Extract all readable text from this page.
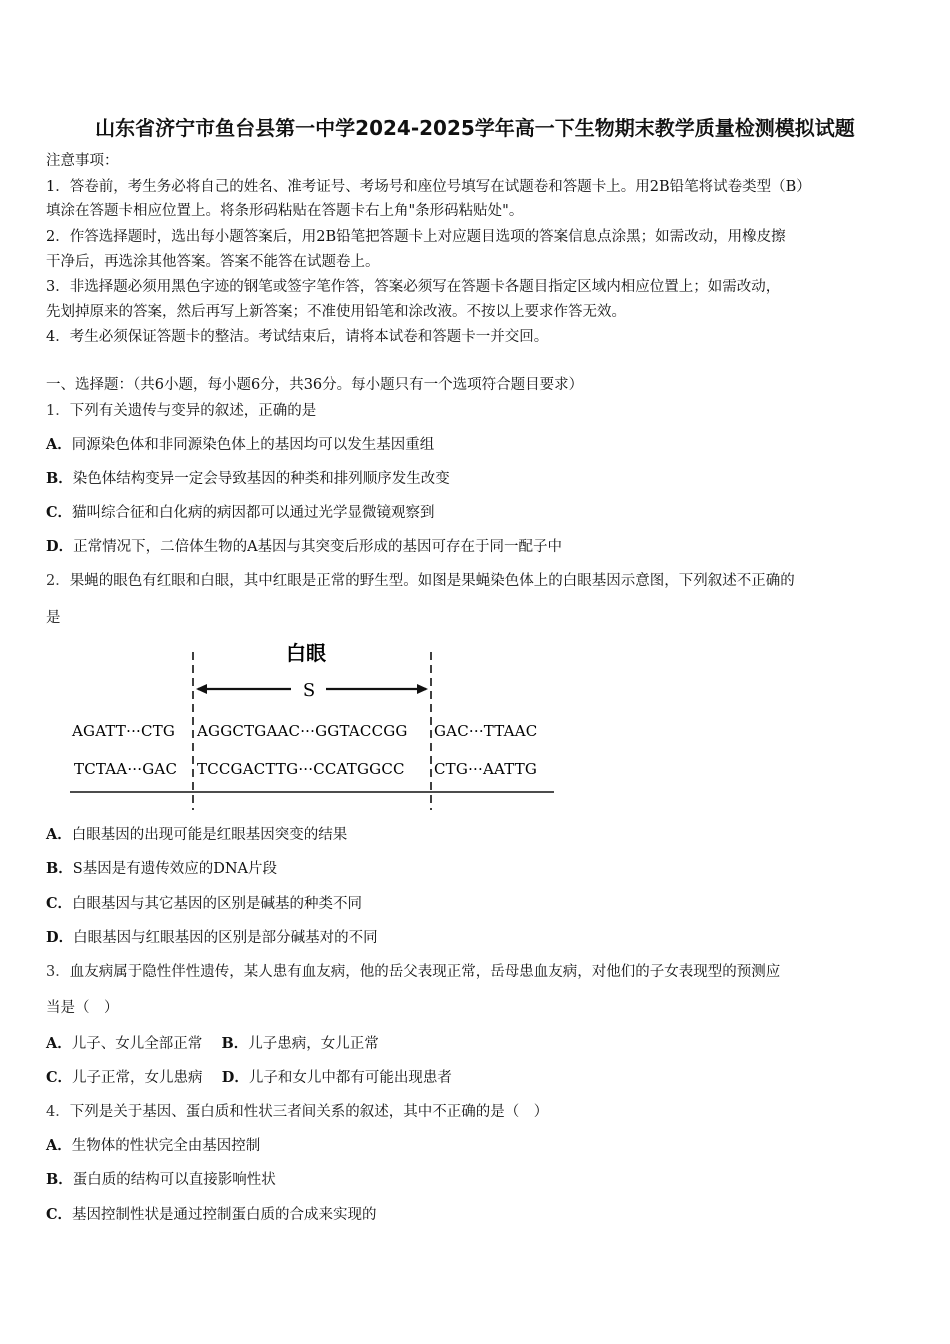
山东省济宁市鱼台县第一中学2024-2025学年高一下生物期末教学质量检测模拟试题
注意事项：
1．答卷前，考生务必将自己的姓名、准考证号、考场号和座位号填写在试题卷和答题卡上。用2B铅笔将试卷类型（B）
填涂在答题卡相应位置上。将条形码粘贴在答题卡右上角"条形码粘贴处"。
2．作答选择题时，选出每小题答案后，用2B铅笔把答题卡上对应题目选项的答案信息点涂黑；如需改动，用橡皮擦
干净后，再选涂其他答案。答案不能答在试题卷上。
3．非选择题必须用黑色字迹的钢笔或签字笔作答，答案必须写在答题卡各题目指定区域内相应位置上；如需改动，
先划掉原来的答案，然后再写上新答案；不准使用铅笔和涂改液。不按以上要求作答无效。
4．考生必须保证答题卡的整洁。考试结束后，请将本试卷和答题卡一并交回。
一、选择题：（共6小题，每小题6分，共36分。每小题只有一个选项符合题目要求）
1．下列有关遗传与变异的叙述，正确的是
A．同源染色体和非同源染色体上的基因均可以发生基因重组
B．染色体结构变异一定会导致基因的种类和排列顺序发生改变
C．猫叫综合征和白化病的病因都可以通过光学显微镜观察到
D．正常情况下，二倍体生物的A基因与其突变后形成的基因可存在于同一配子中
2．果蝇的眼色有红眼和白眼，其中红眼是正常的野生型。如图是果蝇染色体上的白眼基因示意图，下列叙述不正确的
是
白眼
S
AGATT···CTG AGGCTGAAC···GGTACCGG GAC···TTAAC
TCTAA···GAC TCCGACTTG···CCATGGCC CTG···AATTG
A．白眼基因的出现可能是红眼基因突变的结果
B．S基因是有遗传效应的DNA片段
C．白眼基因与其它基因的区别是碱基的种类不同
D．白眼基因与红眼基因的区别是部分碱基对的不同
3．血友病属于隐性伴性遗传，某人患有血友病，他的岳父表现正常，岳母患血友病，对他们的子女表现型的预测应
当是（　）
A．儿子、女儿全部正常 B．儿子患病，女儿正常
C．儿子正常，女儿患病 D．儿子和女儿中都有可能出现患者
4．下列是关于基因、蛋白质和性状三者间关系的叙述，其中不正确的是（　）
A．生物体的性状完全由基因控制
B．蛋白质的结构可以直接影响性状
C．基因控制性状是通过控制蛋白质的合成来实现的
